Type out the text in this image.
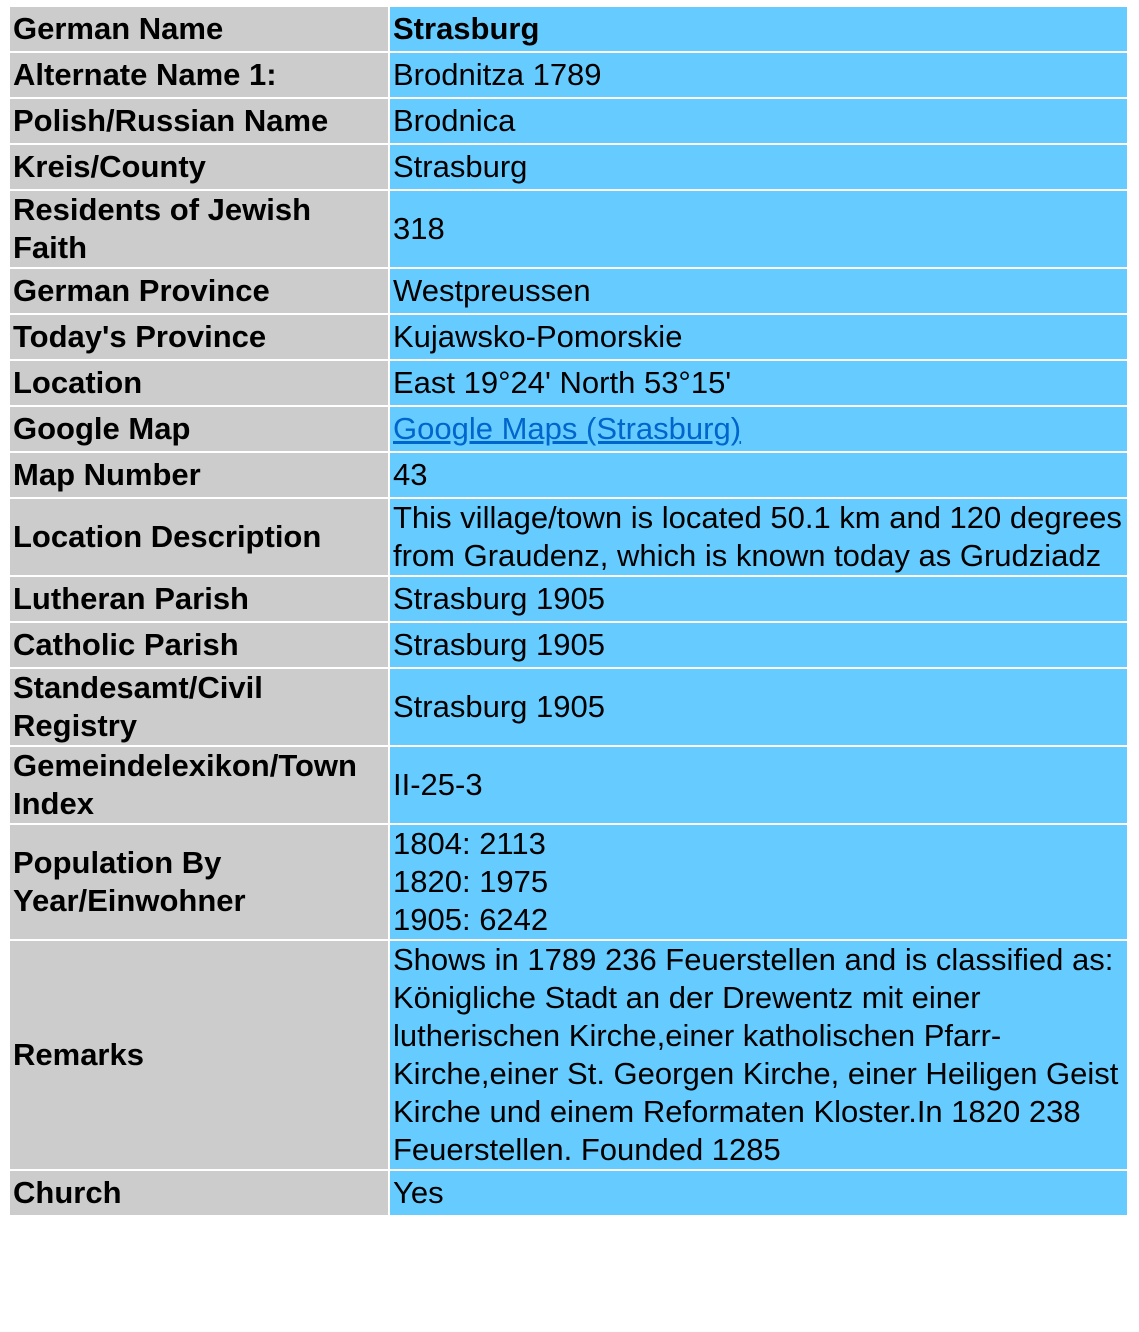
German Name	Strasburg
Alternate Name 1:	Brodnitza 1789
Polish/Russian Name	Brodnica
Kreis/County	Strasburg
Residents of Jewish Faith	318
German Province	Westpreussen
Today's Province	Kujawsko-Pomorskie
Location	East 19°24' North 53°15'
Google Map	Google Maps (Strasburg)
Map Number	43
Location Description	This village/town is located 50.1 km and 120 degrees from Graudenz, which is known today as Grudziadz
Lutheran Parish	Strasburg 1905
Catholic Parish	Strasburg 1905
Standesamt/Civil Registry	Strasburg 1905
Gemeindelexikon/Town Index	II-25-3
Population By Year/Einwohner	1804: 2113
1820: 1975
1905: 6242

Remarks	Shows in 1789 236 Feuerstellen and is classified as: Königliche Stadt an der Drewentz mit einer lutherischen Kirche,einer katholischen Pfarr-Kirche,einer St. Georgen Kirche, einer Heiligen Geist Kirche und einem Reformaten Kloster.In 1820 238 Feuerstellen. Founded 1285
Church	Yes
